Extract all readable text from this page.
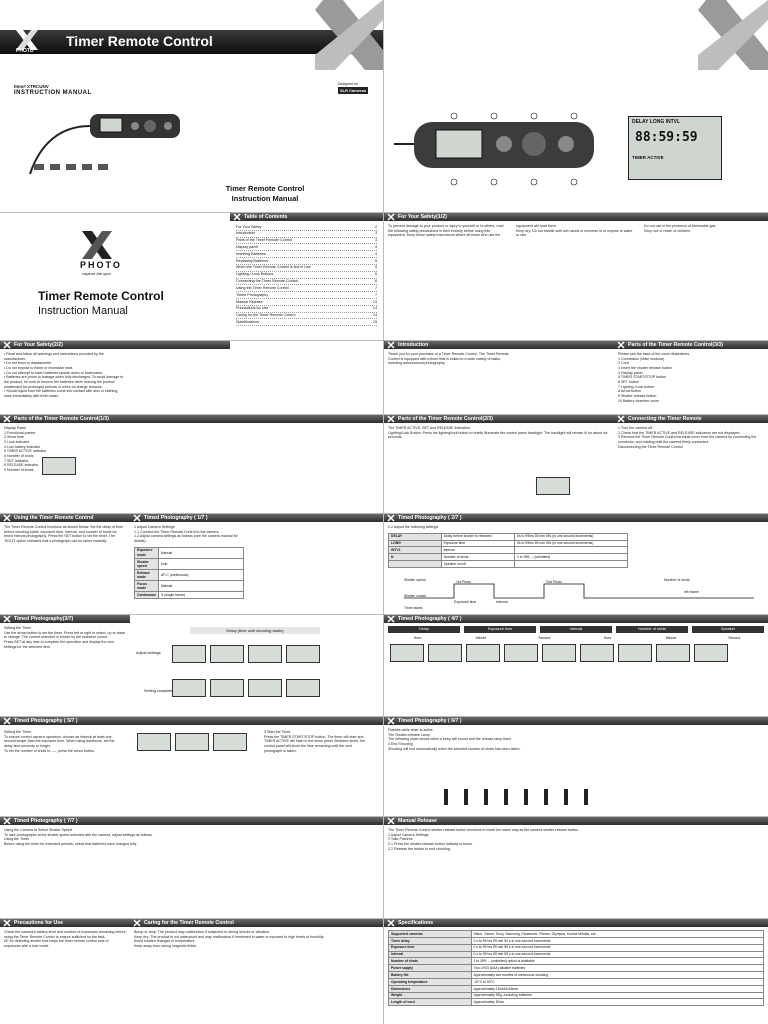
PHOTO
Timer Remote Control
Item# XTRCUNV
INSTRUCTION MANUAL
Designed for
SLR Cameras
Timer Remote Control
Instruction Manual
DELAY LONG INTVL
88:59:59
TIMER ACTIVE
PHOTO
capture the spot
Timer Remote Control
Instruction Manual
Table of Contents
For Your Safety	2
Introduction	3
Parts of the Timer Remote Control	3
Display panel	4
Inserting Batteries	4
Replacing Batteries	5
When the Timer Remote Control is Not in Use	5
Lighting / Lock Buttons	6
Connecting the Timer Remote Control	6
Using the Timer Remote Control	7
Timed Photography	7
Manual Release	13
Precautions for Use	14
Caring for the Timer Remote Control	14
Specifications	15
For Your Safety(1/2)
To prevent damage to your product or injury to yourself or to others, read the following safety precautions in their entirety before using this equipment. Keep these safety instructions where all those who use the equipment will read them.
Keep dry. Do not handle with wet hands or immerse in or expose to water or rain.
Do not use in the presence of flammable gas.
Keep out of reach of children.
For Your Safety(2/2)
• Read and follow all warnings and instructions provided by the manufacturer.
• Do not short or disassemble.
• Do not expose to flame or excessive heat.
• Do not attempt to insert batteries upside down or backwards.
• Batteries are prone to leakage when fully discharged. To avoid damage to the product, be sure to remove the batteries when leaving the product unattended for prolonged periods or when no charge remains.
• Should liquid from the batteries come into contact with skin or clothing, rinse immediately with fresh water.
Introduction
Thank you for your purchase of a Timer Remote Control. The Timer Remote Control is equipped with a timer that is suited to a wide variety of tasks, including astronomical photography.
Parts of the Timer Remote Control(3/3)
Please see the back of the cover illustrations.
1 Connection (Male modular)
2 Cord
3 Insert the shutter release button
4 Display panel
5 TIMER START/STOP button
6 SET button
7 Lighting /Lock button
8 Arrow button
9 Shutter release button
10 Battery chamber cover
Parts of the Timer Remote Control(1/3)
Display Panel
1 Functional pointer
2 Show time
3 Lock indicator
4 Low battery indicator
5 TIMER ACTIVE indicator
6 Number of shots
7 SET indicator
8 RELEASE indicator
9 Number of shots
Parts of the Timer Remote Control(2/3)
The TIMER ACTIVE, SET and RELEASE indicators.
Lighting/Lock Button: Press the lighting/lock button to briefly illuminate the control panel backlight. The backlight will remain lit for about six seconds.
Connecting the Timer Remote
1 Turn the camera off.
2 Check that the TIMER ACTIVE and RELEASE indicators are not displayed.
3 Remove the Timer Remote Control terminal cover from the camera by connecting the connector, and rotating until the camera firmly connected.
Disconnecting the Timer Remote Control
Using the Timer Remote Control
The Timer Remote Control functions as shown below. Set the delay of time before shooting starts, exposure time, interval, and number of shots for timed interval photography. Press the SET button to set the timer. The 'HOLD' option indicates that a photograph can be taken instantly.
Timed Photography ( 1/7 )
1 Adjust Camera Settings
1.1 Connect the Timer Remote Control to the camera.
1.2 Adjust camera settings as follows (see the camera manual for details):
Exposure mode	Manual
Shutter speed	bulb
Release mode	AF-C (continuous)
Focus mode	Manual
Continuous	S (single frame)
Timed Photography ( 2/7 )
2.2 Adjust the following settings
DELAY	Delay before shutter is released	0s to 99hrs 59 min 59s (in one-second increments)
LONG	Exposure time	0s to 99hrs 59 min 59s (in one-second increments)
INTVL	Interval	
N	Number of shots	1 to 399, -- (unlimited)
	Speaker on/off	
Shutter opens
Shutter closes
1st Photo	2nd Photo
Exposure time	Interval
Number of shots
nth frame
Timer starts
Timed Photography(3/7)
Setting the Timer
Use the arrow button to set the timer. Press left or right to select, up or down to change. The current selection is shown by the selection cursor.
Press SET at any time to complete the operation and display the new settings for the selected item.
Delay (time until shooting starts)
Adjust settings
Setting complete
Timed Photography ( 4/7 )
Delay	Exposure time	Interval	Number of shots	Speaker
Hour	Minute	Second	Hour	Minute	Second
Timed Photography ( 5/7 )
Setting the Timer
To ensure correct camera operation, choose an interval at least one second longer than the exposure time. When using autofocus, set the delay time seconds or longer.
To set the number of shots to ----, press the arrow button.
3 Start the Timer
Press the TIMER START/STOP button. The timer will start and TIMER ACTIVE will flash in the show panel. Between shots, the control panel will show the time remaining until the next photograph is taken.
Timed Photography ( 6/7 )
Flashes while timer is active
The Shutter-release Lamp
The following chart shows when a beep will sound and the release lamp flash.
4 End Shooting
Shooting will end automatically when the selected number of shots has been taken.
Timed Photography ( 7/7 )
Using the Camera to Select Shutter Speed
To take photographs at the shutter speed selected with the camera, adjust settings as follows.
Using the Timer
Before using the timer for extended periods, check that batteries have charged fully.
Manual Release
The Timer Remote Control shutter-release button functions in much the same way as the camera shutter-release button.
1 Adjust Camera Settings
2 Take Pictures
2.1 Press the shutter-release button halfway to focus.
2.2 Release the button to end shooting.
Precautions for Use
Check the camera's battery level and number of exposures remaining before using the Timer Remote Control to ensure sufficient for the task.
AF for detecting shutter that helps the timer remote control sets of exposures with a lock mode.
Caring for the Timer Remote Control
Bump or drop: The product may malfunction if subjected to strong shocks or vibration.
Keep dry: The product is not waterproof and may malfunction if immersed in water or exposed to high levels of humidity.
Avoid sudden changes in temperature.
Keep away from strong magnetic fields.
Specifications
Supported cameras	Nikon, Canon, Sony, Samsung, Panasonic, Pentax, Olympus, Konica Minolta, etc.
Timer delay	0 s to 99 hrs 59 min 59 s in one-second increments
Exposure time	0 s to 99 hrs 59 min 59 s in one-second increments
Interval	0 s to 99 hrs 59 min 59 s in one-second increments
Number of shots	1 to 399; -- (unlimited) option is available
Power supply	Two LR03 (AAA) alkaline batteries
Battery life	Approximately two months of continuous shooting
Operating temperature	-20°C to 50°C
Dimensions	Approximately 154x40x18mm
Weight	Approximately 58g, excluding batteries
Length of cord	Approximately 80cm
